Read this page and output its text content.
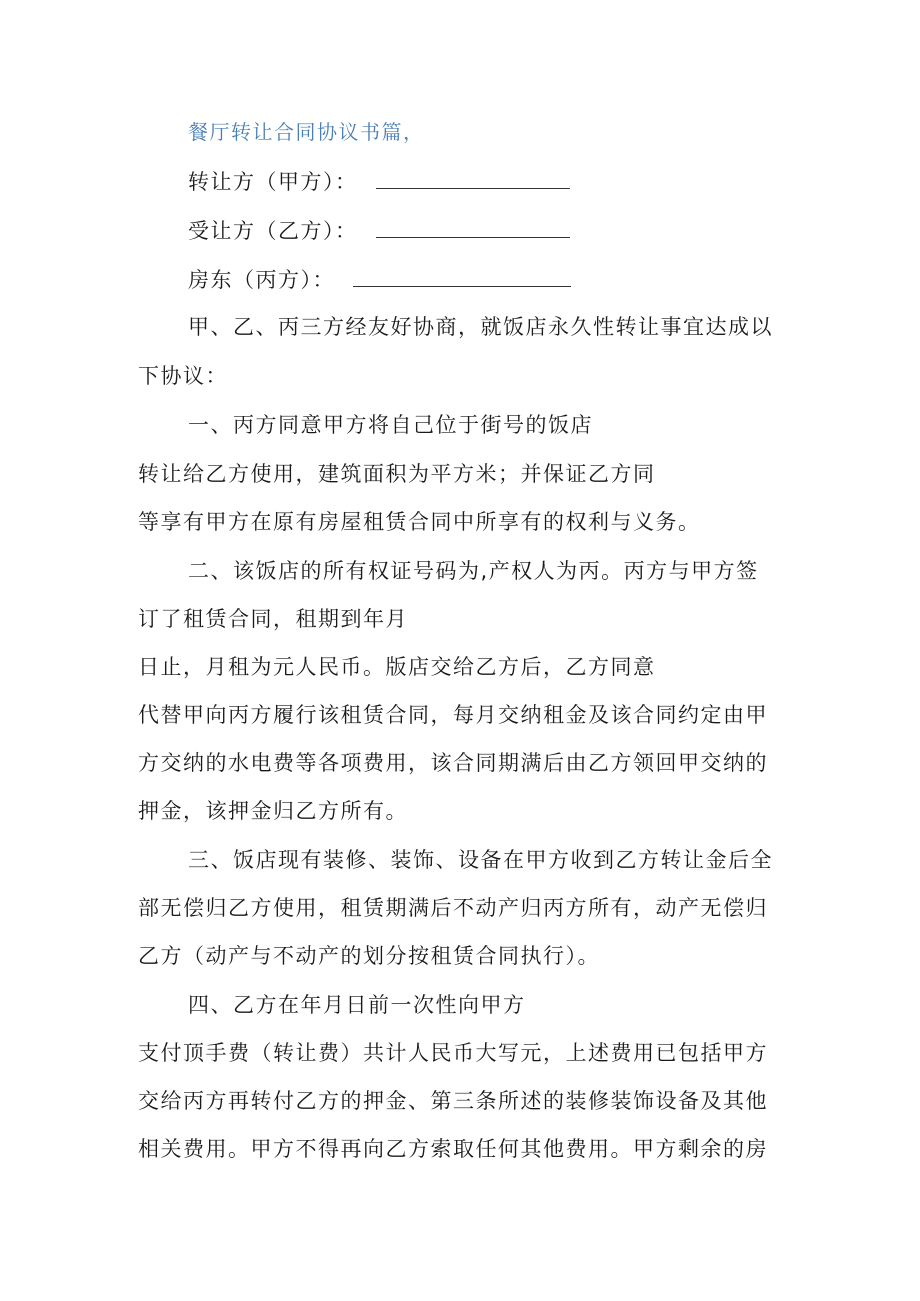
餐厅转让合同协议书篇，
转让方（甲方）：
受让方（乙方）：
房东（丙方）：
甲、乙、丙三方经友好协商，就饭店永久性转让事宜达成以
下协议：
一、丙方同意甲方将自己位于街号的饭店
转让给乙方使用，建筑面积为平方米；并保证乙方同
等享有甲方在原有房屋租赁合同中所享有的权利与义务。
二、该饭店的所有权证号码为,产权人为丙。丙方与甲方签
订了租赁合同，租期到年月
日止，月租为元人民币。版店交给乙方后，乙方同意
代替甲向丙方履行该租赁合同，每月交纳租金及该合同约定由甲
方交纳的水电费等各项费用，该合同期满后由乙方领回甲交纳的
押金，该押金归乙方所有。
三、饭店现有装修、装饰、设备在甲方收到乙方转让金后全
部无偿归乙方使用，租赁期满后不动产归丙方所有，动产无偿归
乙方（动产与不动产的划分按租赁合同执行）。
四、乙方在年月日前一次性向甲方
支付顶手费（转让费）共计人民币大写元，上述费用已包括甲方
交给丙方再转付乙方的押金、第三条所述的装修装饰设备及其他
相关费用。甲方不得再向乙方索取任何其他费用。甲方剩余的房
